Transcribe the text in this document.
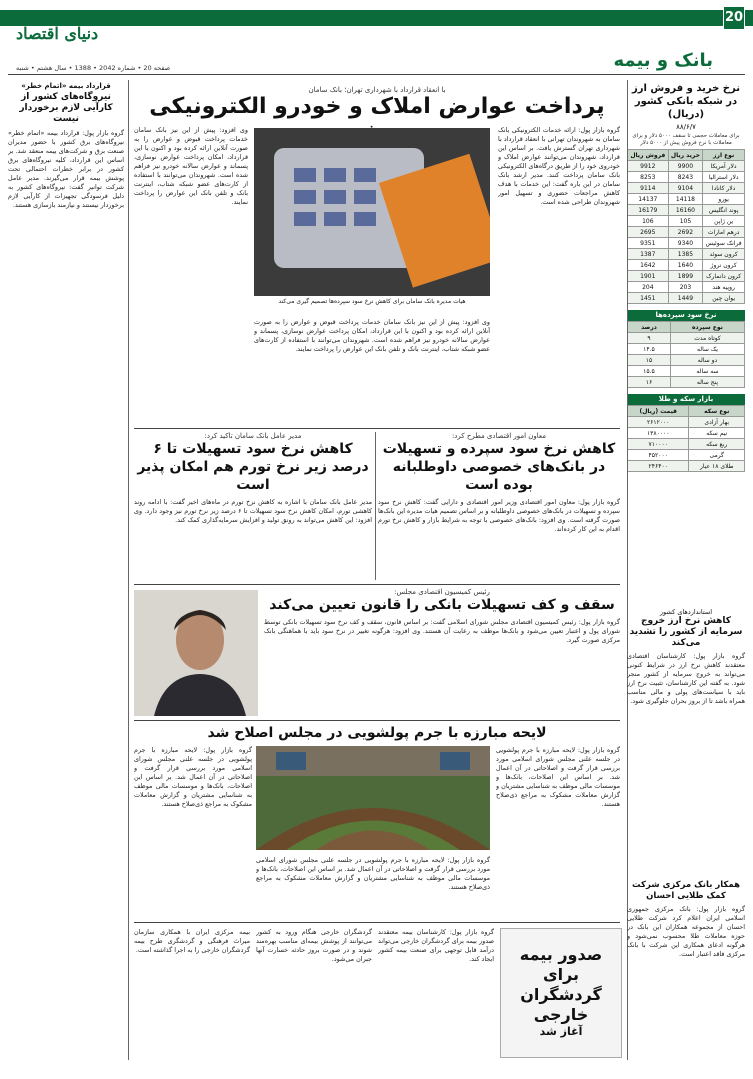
20
دنیای اقتصاد
بانک و بیمه
صفحه 20 • شماره 2042 • 1388 • سال هشتم • شنبه
نرخ خرید و فروش ارز در شبکه بانکی کشور (دریال)
۸۸/۶/۷
برای معاملات حجمی تا سقف ۵۰۰۰ دلار و برای معاملات با نرخ فروش پیش از ۵۰۰۰ دلار
نوع ارز	خرید ریال	فروش ریال
دلار آمریکا	9900	9912
دلار استرالیا	8243	8253
دلار کانادا	9104	9114
یورو	14118	14137
پوند انگلیس	16160	16179
ین ژاپن	105	106
درهم امارات	2692	2695
فرانک سوئیس	9340	9351
کرون سوئد	1385	1387
کرون نروژ	1640	1642
کرون دانمارک	1899	1901
روپیه هند	203	204
یوان چین	1449	1451
نرخ سود سپرده‌ها
نوع سپرده	درصد
کوتاه مدت	۹
یک ساله	۱۴.۵
دو ساله	۱۵
سه ساله	۱۵.۵
پنج ساله	۱۶
بازار سکه و طلا
نوع سکه	قیمت (ریال)
بهار آزادی	۲۶۱۲۰۰۰
نیم سکه	۱۳۸۰۰۰۰
ربع سکه	۷۱۰۰۰۰
گرمی	۴۵۲۰۰۰
طلای ۱۸ عیار	۲۴۶۴۰۰
قرارداد بیمه «اتمام خطر»
نیروگاه‌های کشور از کارآیی لازم برخوردار نیست
گروه بازار پول: قرارداد بیمه «اتمام خطر» نیروگاه‌های برق کشور با حضور مدیران صنعت برق و شرکت‌های بیمه منعقد شد. بر اساس این قرارداد، کلیه نیروگاه‌های برق کشور در برابر خطرات احتمالی تحت پوشش بیمه قرار می‌گیرند. مدیر عامل شرکت توانیر گفت: نیروگاه‌های کشور به دلیل فرسودگی تجهیزات از کارآیی لازم برخوردار نیستند و نیازمند بازسازی هستند.
با انعقاد قرارداد با شهرداری تهران؛ بانک سامان
پرداخت عوارض املاک و خودرو الکترونیکی
گروه بازار پول: ارائه خدمات الکترونیکی بانک سامان به شهروندان تهرانی با انعقاد قرارداد با شهرداری تهران گسترش یافت. بر اساس این قرارداد، شهروندان می‌توانند عوارض املاک و خودروی خود را از طریق درگاه‌های الکترونیکی بانک سامان پرداخت کنند. مدیر ارشد بانک سامان در این باره گفت: این خدمات با هدف کاهش مراجعات حضوری و تسهیل امور شهروندان طراحی شده است.
هیات مدیره بانک سامان برای کاهش نرخ سود سپرده‌ها تصمیم گیری می‌کند
وی افزود: پیش از این نیز بانک سامان خدمات پرداخت قبوض و عوارض را به صورت آنلاین ارائه کرده بود و اکنون با این قرارداد، امکان پرداخت عوارض نوسازی، پسماند و عوارض سالانه خودرو نیز فراهم شده است. شهروندان می‌توانند با استفاده از کارت‌های عضو شبکه شتاب، اینترنت بانک و تلفن بانک این عوارض را پرداخت نمایند.
وی افزود: پیش از این نیز بانک سامان خدمات پرداخت قبوض و عوارض را به صورت آنلاین ارائه کرده بود و اکنون با این قرارداد، امکان پرداخت عوارض نوسازی، پسماند و عوارض سالانه خودرو نیز فراهم شده است. شهروندان می‌توانند با استفاده از کارت‌های عضو شبکه شتاب، اینترنت بانک و تلفن بانک این عوارض را پرداخت نمایند.
معاون امور اقتصادی مطرح کرد:
کاهش نرخ سود سپرده و تسهیلات در بانک‌های خصوصی داوطلبانه بوده است
گروه بازار پول: معاون امور اقتصادی وزیر امور اقتصادی و دارایی گفت: کاهش نرخ سود سپرده و تسهیلات در بانک‌های خصوصی داوطلبانه و بر اساس تصمیم هیات مدیره این بانک‌ها صورت گرفته است. وی افزود: بانک‌های خصوصی با توجه به شرایط بازار و کاهش نرخ تورم اقدام به این کار کرده‌اند.
مدیر عامل بانک سامان تاکید کرد:
کاهش نرخ سود تسهیلات تا ۶ درصد زیر نرخ تورم هم امکان پذیر است
مدیر عامل بانک سامان با اشاره به کاهش نرخ تورم در ماه‌های اخیر گفت: با ادامه روند کاهشی تورم، امکان کاهش نرخ سود تسهیلات تا ۶ درصد زیر نرخ تورم نیز وجود دارد. وی افزود: این کاهش می‌تواند به رونق تولید و افزایش سرمایه‌گذاری کمک کند.
رئیس کمیسیون اقتصادی مجلس:
سقف و کف تسهیلات بانکی را قانون تعیین می‌کند
گروه بازار پول: رئیس کمیسیون اقتصادی مجلس شورای اسلامی گفت: بر اساس قانون، سقف و کف نرخ سود تسهیلات بانکی توسط شورای پول و اعتبار تعیین می‌شود و بانک‌ها موظف به رعایت آن هستند. وی افزود: هرگونه تغییر در نرخ سود باید با هماهنگی بانک مرکزی صورت گیرد.
لایحه مبارزه با جرم پولشویی در مجلس اصلاح شد
گروه بازار پول: لایحه مبارزه با جرم پولشویی در جلسه علنی مجلس شورای اسلامی مورد بررسی قرار گرفت و اصلاحاتی در آن اعمال شد. بر اساس این اصلاحات، بانک‌ها و موسسات مالی موظف به شناسایی مشتریان و گزارش معاملات مشکوک به مراجع ذی‌صلاح هستند.
گروه بازار پول: لایحه مبارزه با جرم پولشویی در جلسه علنی مجلس شورای اسلامی مورد بررسی قرار گرفت و اصلاحاتی در آن اعمال شد. بر اساس این اصلاحات، بانک‌ها و موسسات مالی موظف به شناسایی مشتریان و گزارش معاملات مشکوک به مراجع ذی‌صلاح هستند.
گروه بازار پول: لایحه مبارزه با جرم پولشویی در جلسه علنی مجلس شورای اسلامی مورد بررسی قرار گرفت و اصلاحاتی در آن اعمال شد. بر اساس این اصلاحات، بانک‌ها و موسسات مالی موظف به شناسایی مشتریان و گزارش معاملات مشکوک به مراجع ذی‌صلاح هستند.
صدور بیمه
برای
گردشگران خارجی
آغاز شد
گروه بازار پول: کارشناسان بیمه معتقدند صدور بیمه برای گردشگران خارجی می‌تواند درآمد قابل توجهی برای صنعت بیمه کشور ایجاد کند.
گردشگران خارجی هنگام ورود به کشور می‌توانند از پوشش بیمه‌ای مناسب بهره‌مند شوند و در صورت بروز حادثه خسارت آنها جبران می‌شود.
بیمه مرکزی ایران با همکاری سازمان میراث فرهنگی و گردشگری طرح بیمه گردشگران خارجی را به اجرا گذاشته است.
استانداردهای کشور
کاهش نرخ ارز خروج سرمایه از کشور را تشدید می‌کند
گروه بازار پول: کارشناسان اقتصادی معتقدند کاهش نرخ ارز در شرایط کنونی می‌تواند به خروج سرمایه از کشور منجر شود. به گفته این کارشناسان، تثبیت نرخ ارز باید با سیاست‌های پولی و مالی مناسب همراه باشد تا از بروز بحران جلوگیری شود.
همکار بانک مرکزی شرکت کمک طلایی احسان
گروه بازار پول: بانک مرکزی جمهوری اسلامی ایران اعلام کرد شرکت طلایی احسان از مجموعه همکاران این بانک در حوزه معاملات طلا محسوب نمی‌شود و هرگونه ادعای همکاری این شرکت با بانک مرکزی فاقد اعتبار است.
